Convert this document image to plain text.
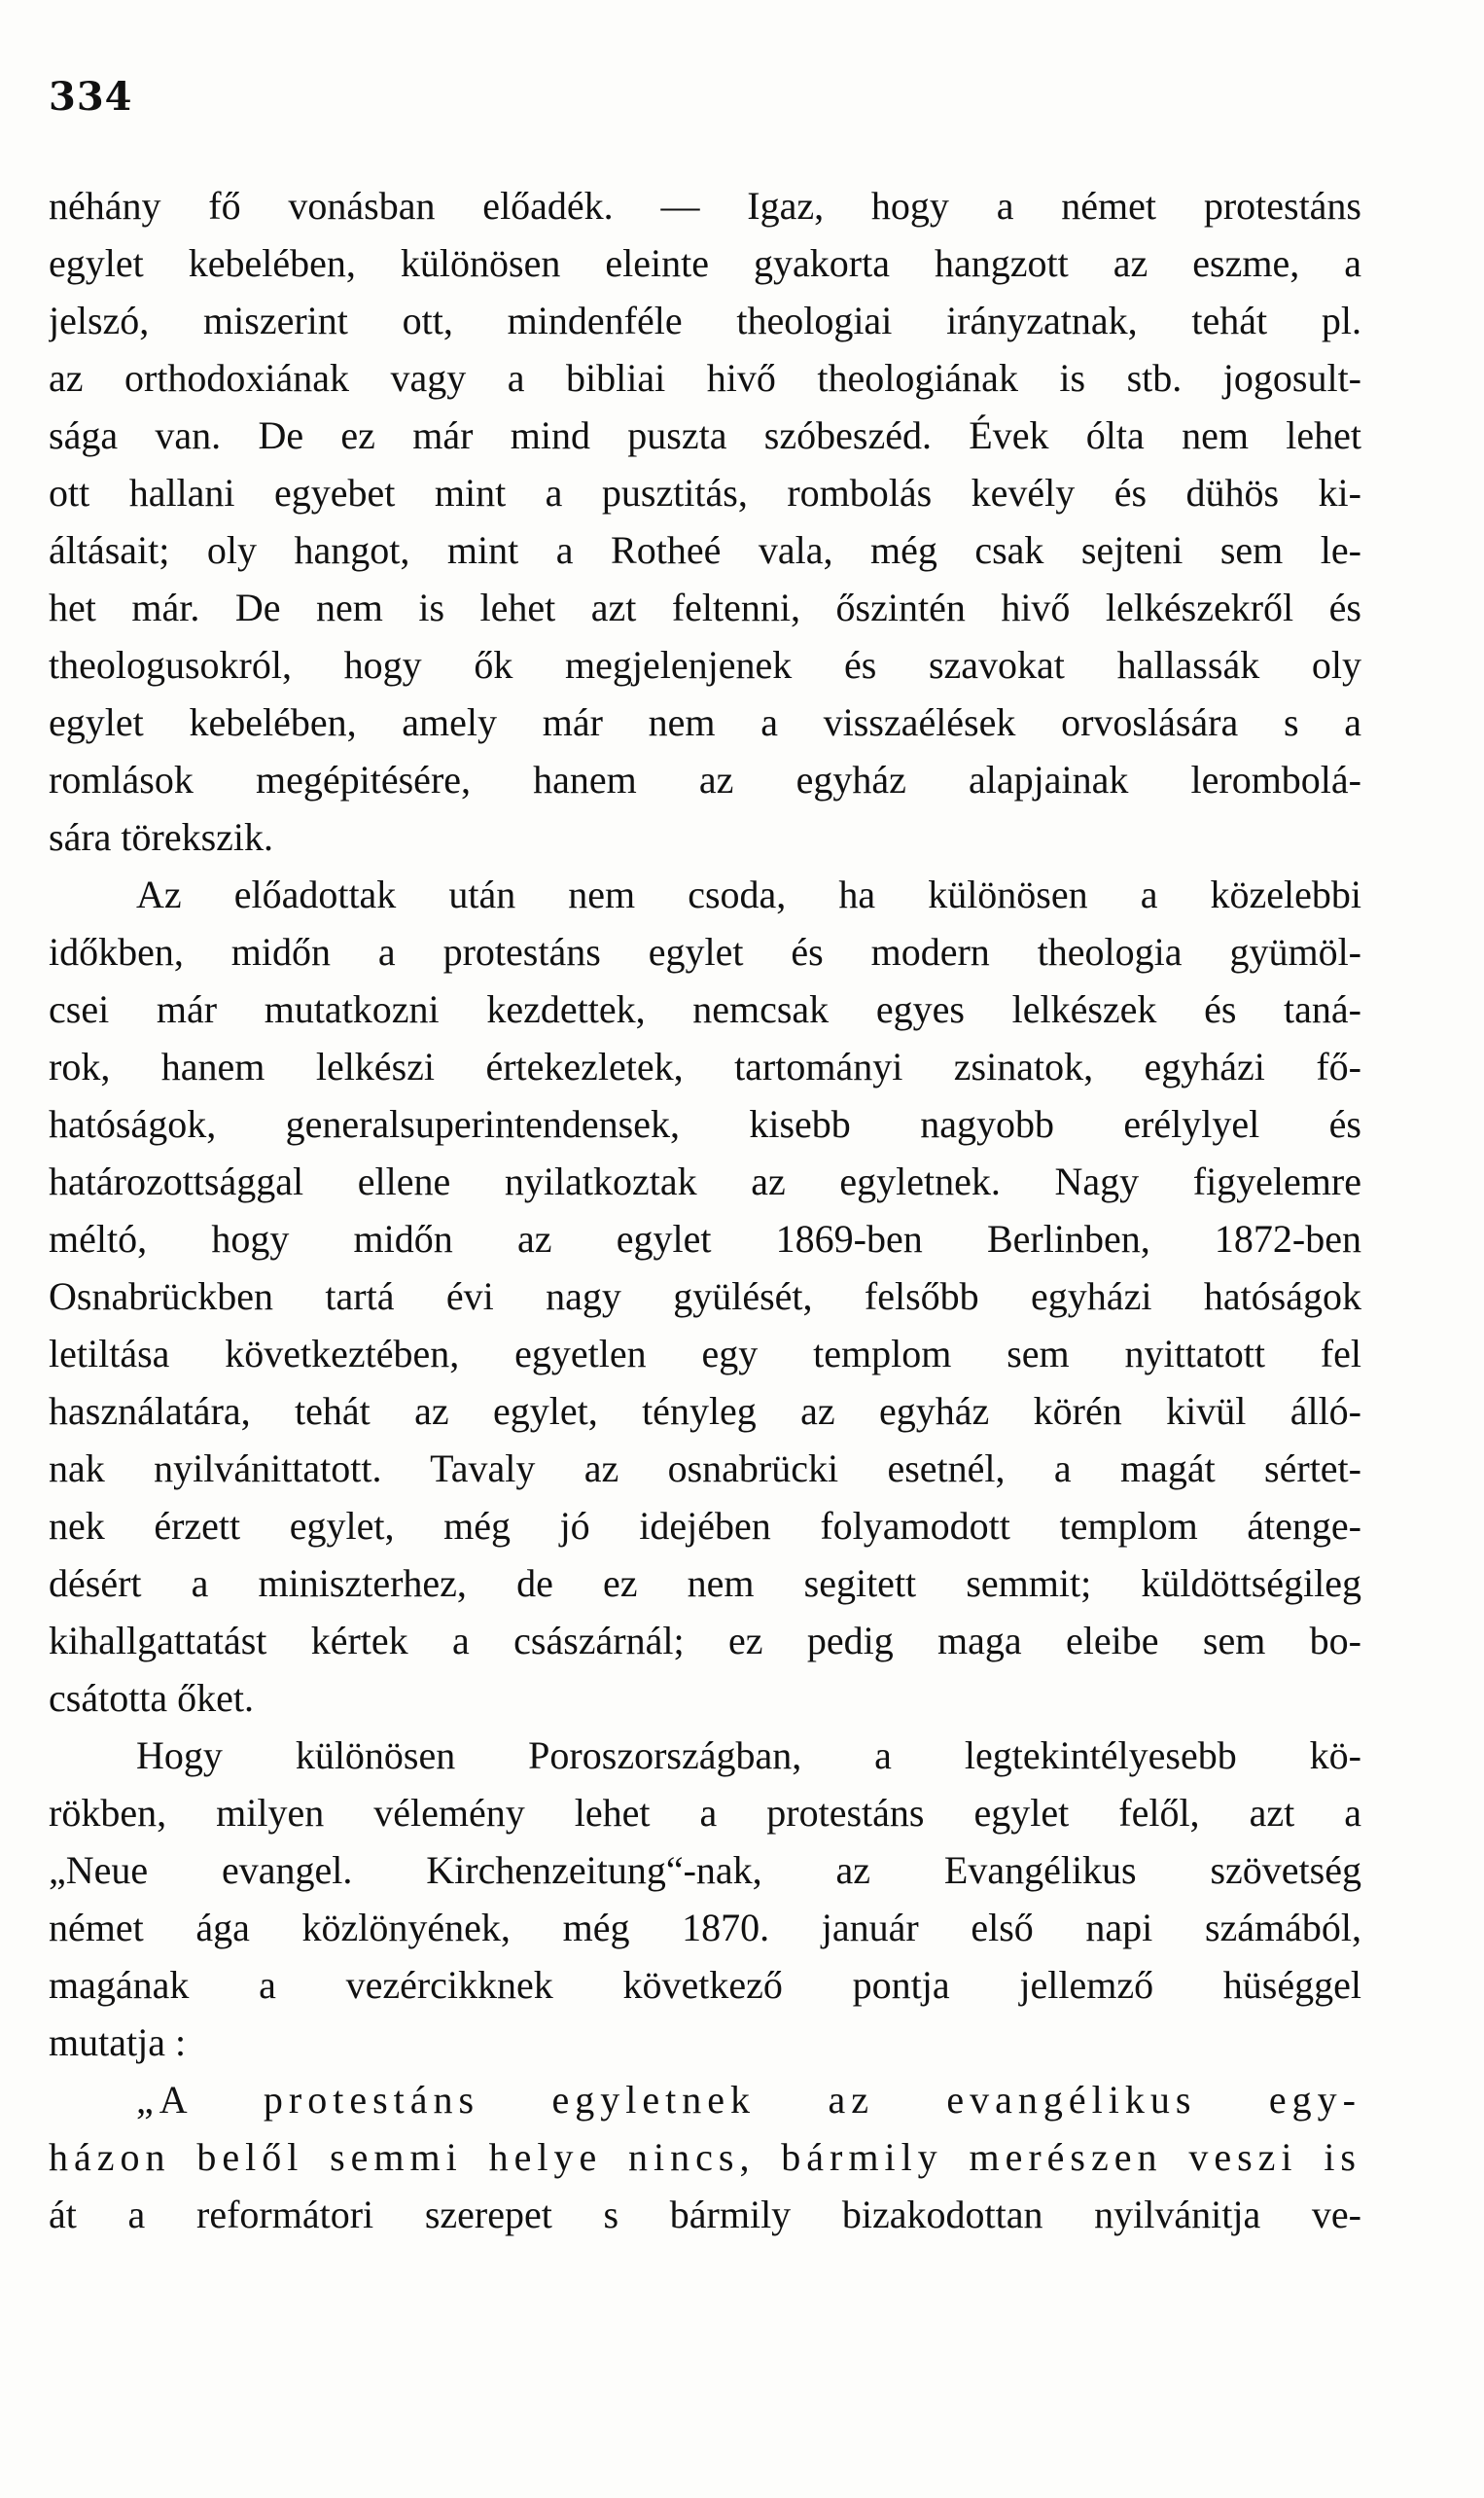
334
néhány fő vonásban előadék. — Igaz, hogy a német protestáns
egylet kebelében, különösen eleinte gyakorta hangzott az eszme, a
jelszó, miszerint ott, mindenféle theologiai irányzatnak, tehát pl.
az orthodoxiának vagy a bibliai hivő theologiának is stb. jogosult-
sága van. De ez már mind puszta szóbeszéd. Évek ólta nem lehet
ott hallani egyebet mint a pusztitás, rombolás kevély és dühös ki-
áltásait; oly hangot, mint a Rotheé vala, még csak sejteni sem le-
het már. De nem is lehet azt feltenni, őszintén hivő lelkészekről és
theologusokról, hogy ők megjelenjenek és szavokat hallassák oly
egylet kebelében, amely már nem a visszaélések orvoslására s a
romlások megépitésére, hanem az egyház alapjainak lerombolá-
sára törekszik.
Az előadottak után nem csoda, ha különösen a közelebbi
időkben, midőn a protestáns egylet és modern theologia gyümöl-
csei már mutatkozni kezdettek, nemcsak egyes lelkészek és taná-
rok, hanem lelkészi értekezletek, tartományi zsinatok, egyházi fő-
hatóságok, generalsuperintendensek, kisebb nagyobb erélylyel és
határozottsággal ellene nyilatkoztak az egyletnek. Nagy figyelemre
méltó, hogy midőn az egylet 1869-ben Berlinben, 1872-ben
Osnabrückben tartá évi nagy gyülését, felsőbb egyházi hatóságok
letiltása következtében, egyetlen egy templom sem nyittatott fel
használatára, tehát az egylet, tényleg az egyház körén kivül álló-
nak nyilvánittatott. Tavaly az osnabrücki esetnél, a magát sértet-
nek érzett egylet, még jó idejében folyamodott templom átenge-
désért a miniszterhez, de ez nem segitett semmit; küldöttségileg
kihallgattatást kértek a császárnál; ez pedig maga eleibe sem bo-
csátotta őket.
Hogy különösen Poroszországban, a legtekintélyesebb kö-
rökben, milyen vélemény lehet a protestáns egylet felől, azt a
„Neue evangel. Kirchenzeitung“-nak, az Evangélikus szövetség
német ága közlönyének, még 1870. január első napi számából,
magának a vezércikknek következő pontja jellemző hüséggel
mutatja :
„A protestáns egyletnek az evangélikus egy-
házon belől semmi helye nincs, bármily merészen veszi is
át a reformátori szerepet s bármily bizakodottan nyilvánitja ve-
